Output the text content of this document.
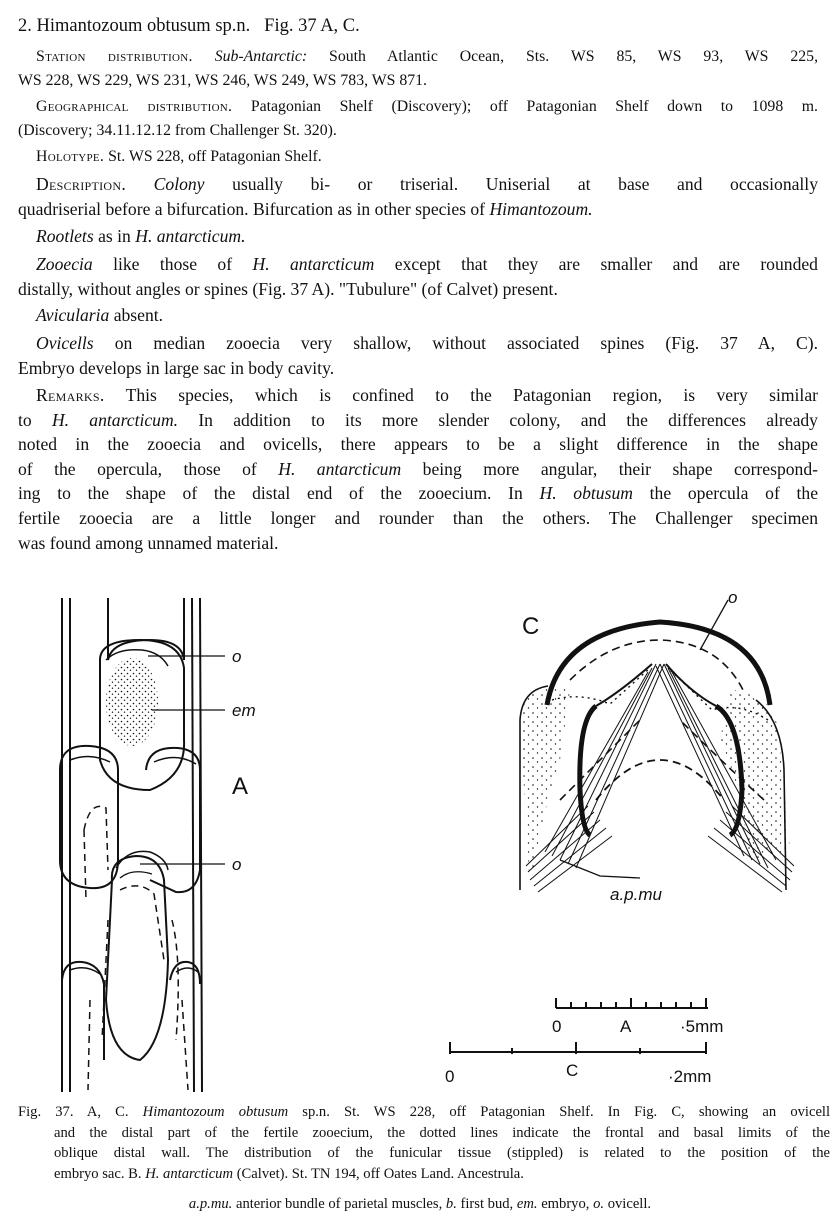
2. Himantozoum obtusum sp.n. Fig. 37 A, C.
Station distribution. Sub-Antarctic: South Atlantic Ocean, Sts. WS 85, WS 93, WS 225,
WS 228, WS 229, WS 231, WS 246, WS 249, WS 783, WS 871.
Geographical distribution. Patagonian Shelf (Discovery); off Patagonian Shelf down to 1098 m.
(Discovery; 34.11.12.12 from Challenger St. 320).
Holotype. St. WS 228, off Patagonian Shelf.
Description. Colony usually bi- or triserial. Uniserial at base and occasionally
quadriserial before a bifurcation. Bifurcation as in other species of Himantozoum.
Rootlets as in H. antarcticum.
Zooecia like those of H. antarcticum except that they are smaller and are rounded
distally, without angles or spines (Fig. 37 A). "Tubulure" (of Calvet) present.
Avicularia absent.
Ovicells on median zooecia very shallow, without associated spines (Fig. 37 A, C).
Embryo develops in large sac in body cavity.
Remarks. This species, which is confined to the Patagonian region, is very similar
to H. antarcticum. In addition to its more slender colony, and the differences already
noted in the zooecia and ovicells, there appears to be a slight difference in the shape
of the opercula, those of H. antarcticum being more angular, their shape correspond-
ing to the shape of the distal end of the zooecium. In H. obtusum the opercula of the
fertile zooecia are a little longer and rounder than the others. The Challenger specimen
was found among unnamed material.
o
em
A
o
C
o
a.p.mu
0	A	·5mm
0	C	·2mm
Fig. 37. A, C. Himantozoum obtusum sp.n. St. WS 228, off Patagonian Shelf. In Fig. C, showing an ovicell
and the distal part of the fertile zooecium, the dotted lines indicate the frontal and basal limits of the
oblique distal wall. The distribution of the funicular tissue (stippled) is related to the position of the
embryo sac. B. H. antarcticum (Calvet). St. TN 194, off Oates Land. Ancestrula.
a.p.mu. anterior bundle of parietal muscles, b. first bud, em. embryo, o. ovicell.
